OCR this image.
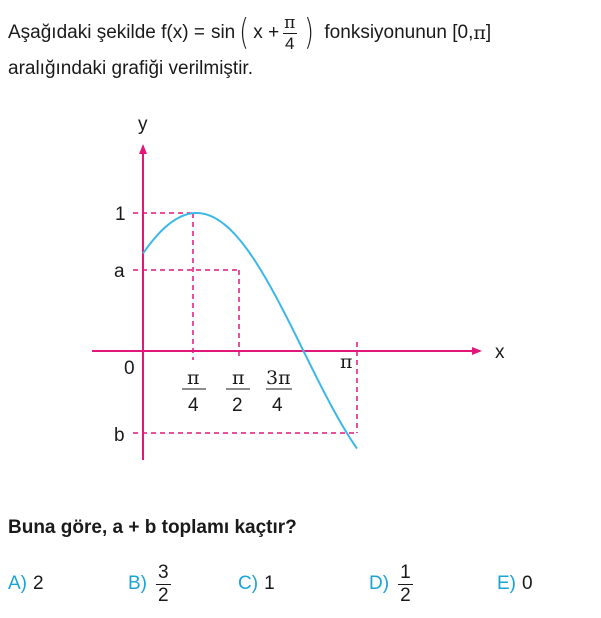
Aşağıdaki şekilde f(x) = sin ( $x + \frac{\pi}{4}$ ) fonksiyonunun [0, π ]
aralığındaki grafiği verilmiştir.
y
x
0
1
a
b
π
4
π
2
3π
4
π
Buna göre, a + b toplamı kaçtır?
A) 2	$B) \frac{3}{2}$	C) 1	$D) \frac{1}{2}$	E) 0
